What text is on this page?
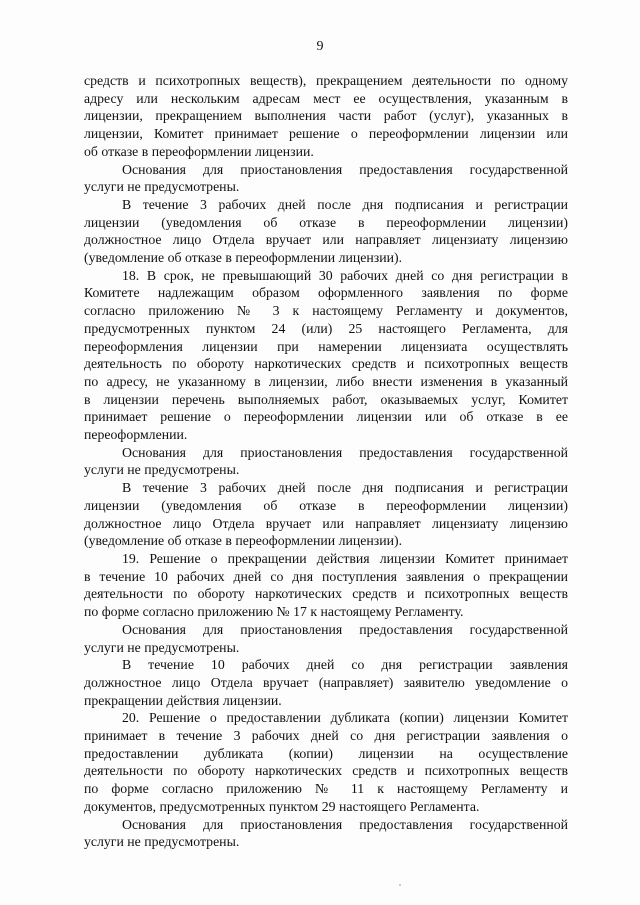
9
средств и психотропных веществ), прекращением деятельности по одному
адресу или нескольким адресам мест ее осуществления, указанным в
лицензии, прекращением выполнения части работ (услуг), указанных в
лицензии, Комитет принимает решение о переоформлении лицензии или
об отказе в переоформлении лицензии.
Основания для приостановления предоставления государственной
услуги не предусмотрены.
В течение 3 рабочих дней после дня подписания и регистрации
лицензии (уведомления об отказе в переоформлении лицензии)
должностное лицо Отдела вручает или направляет лицензиату лицензию
(уведомление об отказе в переоформлении лицензии).
18. В срок, не превышающий 30 рабочих дней со дня регистрации в
Комитете надлежащим образом оформленного заявления по форме
согласно приложению № 3 к настоящему Регламенту и документов,
предусмотренных пунктом 24 (или) 25 настоящего Регламента, для
переоформления лицензии при намерении лицензиата осуществлять
деятельность по обороту наркотических средств и психотропных веществ
по адресу, не указанному в лицензии, либо внести изменения в указанный
в лицензии перечень выполняемых работ, оказываемых услуг, Комитет
принимает решение о переоформлении лицензии или об отказе в ее
переоформлении.
Основания для приостановления предоставления государственной
услуги не предусмотрены.
В течение 3 рабочих дней после дня подписания и регистрации
лицензии (уведомления об отказе в переоформлении лицензии)
должностное лицо Отдела вручает или направляет лицензиату лицензию
(уведомление об отказе в переоформлении лицензии).
19. Решение о прекращении действия лицензии Комитет принимает
в течение 10 рабочих дней со дня поступления заявления о прекращении
деятельности по обороту наркотических средств и психотропных веществ
по форме согласно приложению № 17 к настоящему Регламенту.
Основания для приостановления предоставления государственной
услуги не предусмотрены.
В течение 10 рабочих дней со дня регистрации заявления
должностное лицо Отдела вручает (направляет) заявителю уведомление о
прекращении действия лицензии.
20. Решение о предоставлении дубликата (копии) лицензии Комитет
принимает в течение 3 рабочих дней со дня регистрации заявления о
предоставлении дубликата (копии) лицензии на осуществление
деятельности по обороту наркотических средств и психотропных веществ
по форме согласно приложению № 11 к настоящему Регламенту и
документов, предусмотренных пунктом 29 настоящего Регламента.
Основания для приостановления предоставления государственной
услуги не предусмотрены.
